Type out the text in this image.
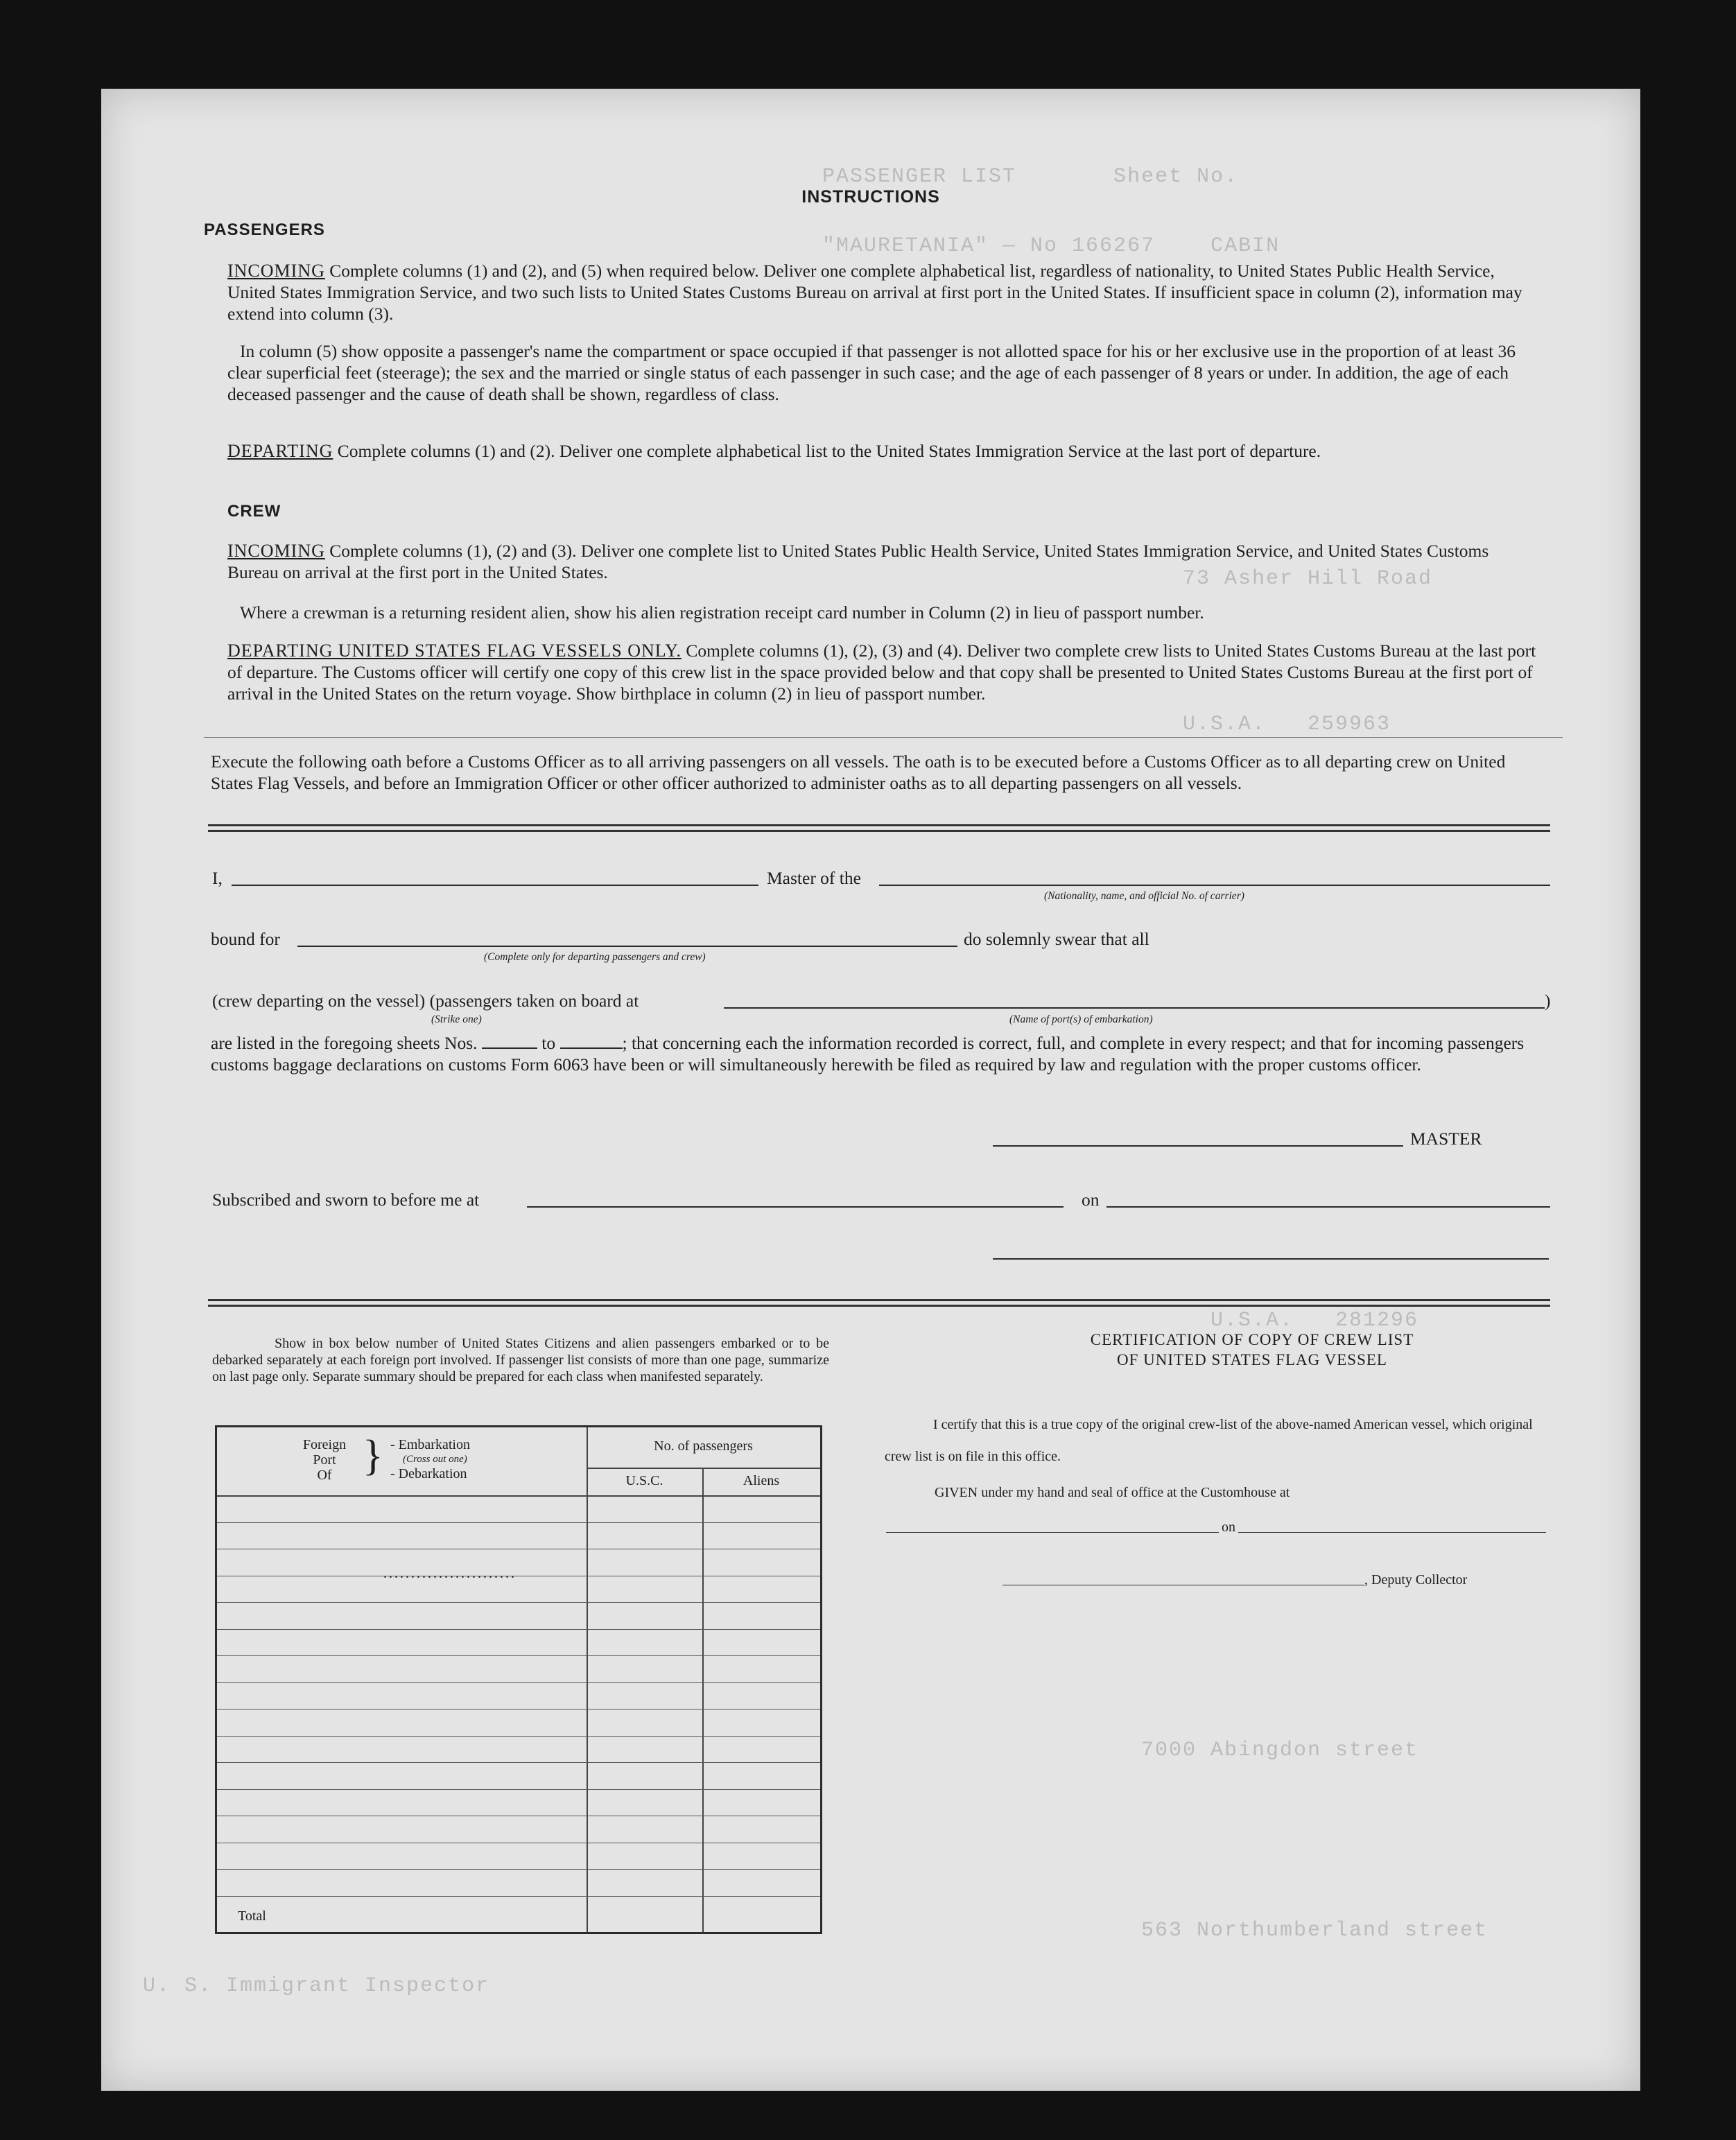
PASSENGER LIST       Sheet No.
"MAURETANIA" — No 166267    CABIN
73 Asher Hill Road
U.S.A.   259963
U.S.A.   281296
7000 Abingdon street
563 Northumberland street
U. S. Immigrant Inspector
INSTRUCTIONS
PASSENGERS
INCOMING Complete columns (1) and (2), and (5) when required below. Deliver one complete alphabetical list, regardless of nationality, to United States Public Health Service, United States Immigration Service, and two such lists to United States Customs Bureau on arrival at first port in the United States. If insufficient space in column (2), information may extend into column (3).
In column (5) show opposite a passenger's name the compartment or space occupied if that passenger is not allotted space for his or her exclusive use in the proportion of at least 36 clear superficial feet (steerage); the sex and the married or single status of each passenger in such case; and the age of each passenger of 8 years or under. In addition, the age of each deceased passenger and the cause of death shall be shown, regardless of class.
DEPARTING Complete columns (1) and (2). Deliver one complete alphabetical list to the United States Immigration Service at the last port of departure.
CREW
INCOMING Complete columns (1), (2) and (3). Deliver one complete list to United States Public Health Service, United States Immigration Service, and United States Customs Bureau on arrival at the first port in the United States.
Where a crewman is a returning resident alien, show his alien registration receipt card number in Column (2) in lieu of passport number.
DEPARTING UNITED STATES FLAG VESSELS ONLY. Complete columns (1), (2), (3) and (4). Deliver two complete crew lists to United States Customs Bureau at the last port of departure. The Customs officer will certify one copy of this crew list in the space provided below and that copy shall be presented to United States Customs Bureau at the first port of arrival in the United States on the return voyage. Show birthplace in column (2) in lieu of passport number.
Execute the following oath before a Customs Officer as to all arriving passengers on all vessels. The oath is to be executed before a Customs Officer as to all departing crew on United States Flag Vessels, and before an Immigration Officer or other officer authorized to administer oaths as to all departing passengers on all vessels.
I,	Master of the
(Nationality, name, and official No. of carrier)
bound for
(Complete only for departing passengers and crew)
do solemnly swear that all
(crew departing on the vessel) (passengers taken on board at	)
(Strike one)	(Name of port(s) of embarkation)
are listed in the foregoing sheets Nos.	to	; that concerning each the information recorded is correct, full, and complete in every respect; and that for incoming passengers customs baggage declarations on customs Form 6063 have been or will simultaneously herewith be filed as required by law and regulation with the proper customs officer.
MASTER
Subscribed and sworn to before me at	on
Show in box below number of United States Citizens and alien passengers embarked or to be debarked separately at each foreign port involved. If passenger list consists of more than one page, summarize on last page only. Separate summary should be prepared for each class when manifested separately.
Foreign
Port
Of } - Embarkation
(Cross out one)
- Debarkation
No. of passengers
U.S.C.	Aliens
........................
Total
CERTIFICATION OF COPY OF CREW LIST
OF UNITED STATES FLAG VESSEL
I certify that this is a true copy of the original crew-list of the above-named American vessel, which original crew list is on file in this office.
GIVEN under my hand and seal of office at the Customhouse at
on
, Deputy Collector
